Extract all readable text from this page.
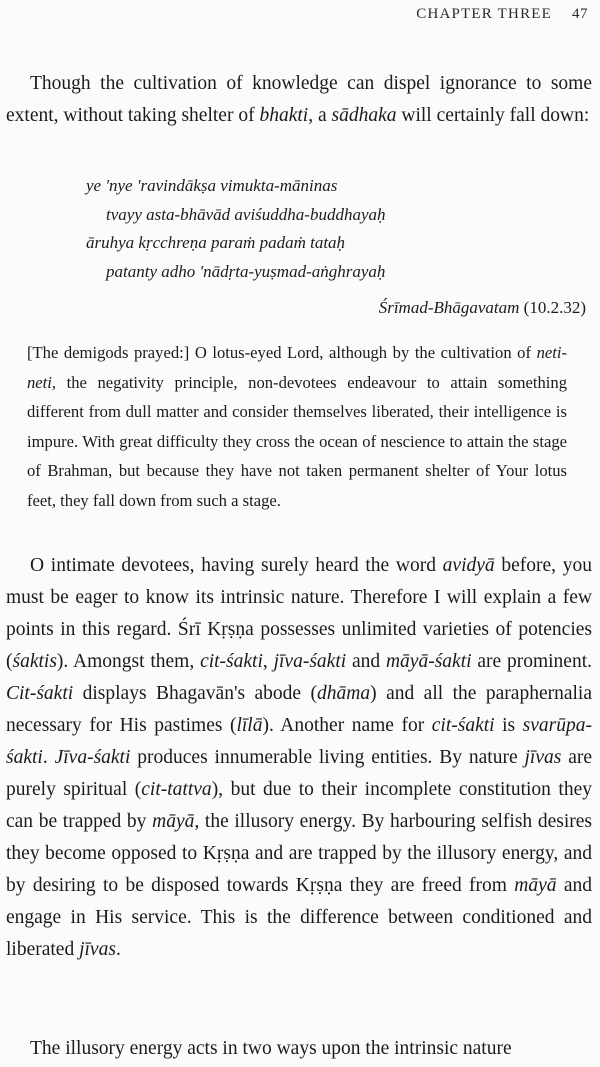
CHAPTER THREE 47

Though the cultivation of knowledge can dispel ignorance to some extent, without taking shelter of bhakti, a sādhaka will certainly fall down:

ye 'nye 'ravindākṣa vimukta-māninas
tvayy asta-bhāvād aviśuddha-buddhayaḥ
āruhya kṛcchreṇa paraṁ padaṁ tataḥ
patanty adho 'nādṛta-yuṣmad-aṅghrayaḥ
Śrīmad-Bhāgavatam (10.2.32)

[The demigods prayed:] O lotus-eyed Lord, although by the cultivation of neti-neti, the negativity principle, non-devotees endeavour to attain something different from dull matter and consider themselves liberated, their intelligence is impure. With great difficulty they cross the ocean of nescience to attain the stage of Brahman, but because they have not taken permanent shelter of Your lotus feet, they fall down from such a stage.

O intimate devotees, having surely heard the word avidyā before, you must be eager to know its intrinsic nature. Therefore I will explain a few points in this regard. Śrī Kṛṣṇa possesses unlimited varieties of potencies (śaktis). Amongst them, cit-śakti, jīva-śakti and māyā-śakti are prominent. Cit-śakti displays Bhagavān's abode (dhāma) and all the paraphernalia necessary for His pastimes (līlā). Another name for cit-śakti is svarūpa-śakti. Jīva-śakti produces innumerable living entities. By nature jīvas are purely spiritual (cit-tattva), but due to their incomplete constitution they can be trapped by māyā, the illusory energy. By harbouring selfish desires they become opposed to Kṛṣṇa and are trapped by the illusory energy, and by desiring to be disposed towards Kṛṣṇa they are freed from māyā and engage in His service. This is the difference between conditioned and liberated jīvas.

The illusory energy acts in two ways upon the intrinsic nature
